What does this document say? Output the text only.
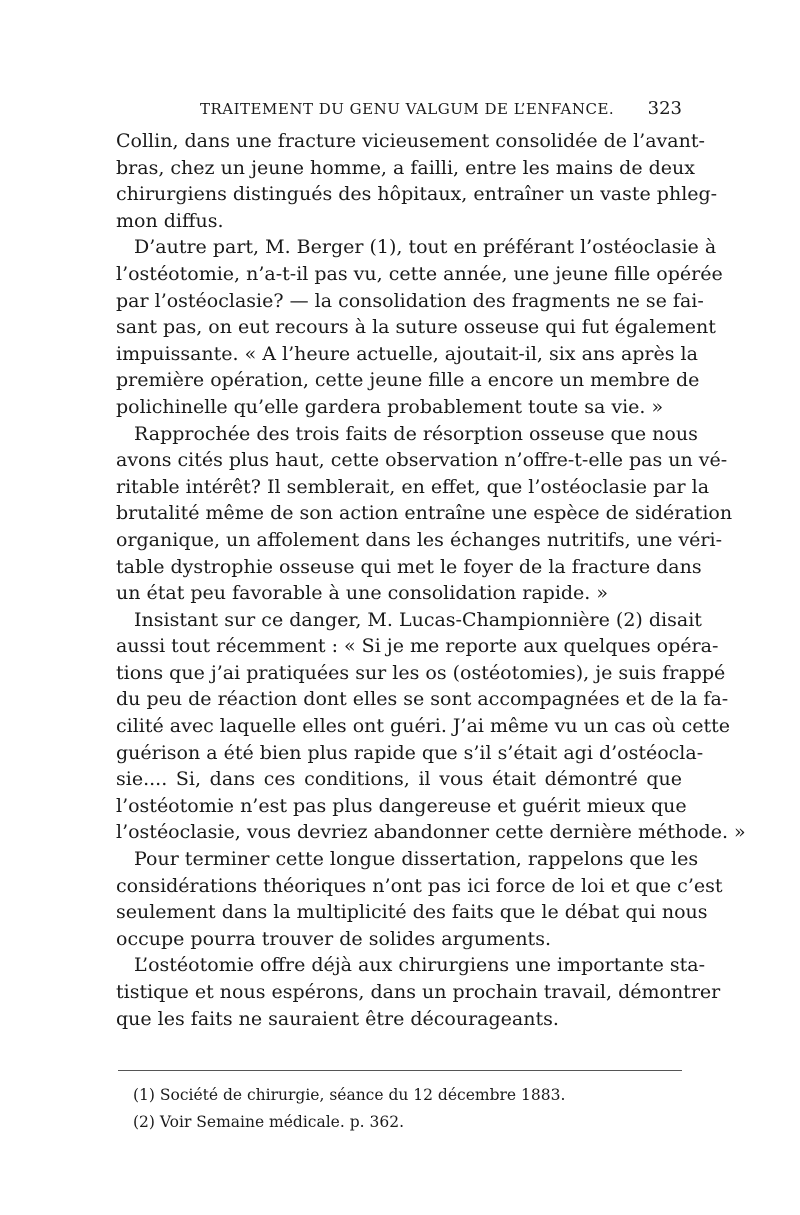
TRAITEMENT DU GENU VALGUM DE L’ENFANCE. 323
Collin, dans une fracture vicieusement consolidée de l’avant-
bras, chez un jeune homme, a failli, entre les mains de deux
chirurgiens distingués des hôpitaux, entraîner un vaste phleg-
mon diffus.
D’autre part, M. Berger (1), tout en préférant l’ostéoclasie à
l’ostéotomie, n’a-t-il pas vu, cette année, une jeune fille opérée
par l’ostéoclasie? — la consolidation des fragments ne se fai-
sant pas, on eut recours à la suture osseuse qui fut également
impuissante. « A l’heure actuelle, ajoutait-il, six ans après la
première opération, cette jeune fille a encore un membre de
polichinelle qu’elle gardera probablement toute sa vie. »
Rapprochée des trois faits de résorption osseuse que nous
avons cités plus haut, cette observation n’offre-t-elle pas un vé-
ritable intérêt? Il semblerait, en effet, que l’ostéoclasie par la
brutalité même de son action entraîne une espèce de sidération
organique, un affolement dans les échanges nutritifs, une véri-
table dystrophie osseuse qui met le foyer de la fracture dans
un état peu favorable à une consolidation rapide. »
Insistant sur ce danger, M. Lucas-Championnière (2) disait
aussi tout récemment : « Si je me reporte aux quelques opéra-
tions que j’ai pratiquées sur les os (ostéotomies), je suis frappé
du peu de réaction dont elles se sont accompagnées et de la fa-
cilité avec laquelle elles ont guéri. J’ai même vu un cas où cette
guérison a été bien plus rapide que s’il s’était agi d’ostéocla-
sie.... Si, dans ces conditions, il vous était démontré que
l’ostéotomie n’est pas plus dangereuse et guérit mieux que
l’ostéoclasie, vous devriez abandonner cette dernière méthode. »
Pour terminer cette longue dissertation, rappelons que les
considérations théoriques n’ont pas ici force de loi et que c’est
seulement dans la multiplicité des faits que le débat qui nous
occupe pourra trouver de solides arguments.
L’ostéotomie offre déjà aux chirurgiens une importante sta-
tistique et nous espérons, dans un prochain travail, démontrer
que les faits ne sauraient être décourageants.
(1) Société de chirurgie, séance du 12 décembre 1883.
(2) Voir Semaine médicale. p. 362.
